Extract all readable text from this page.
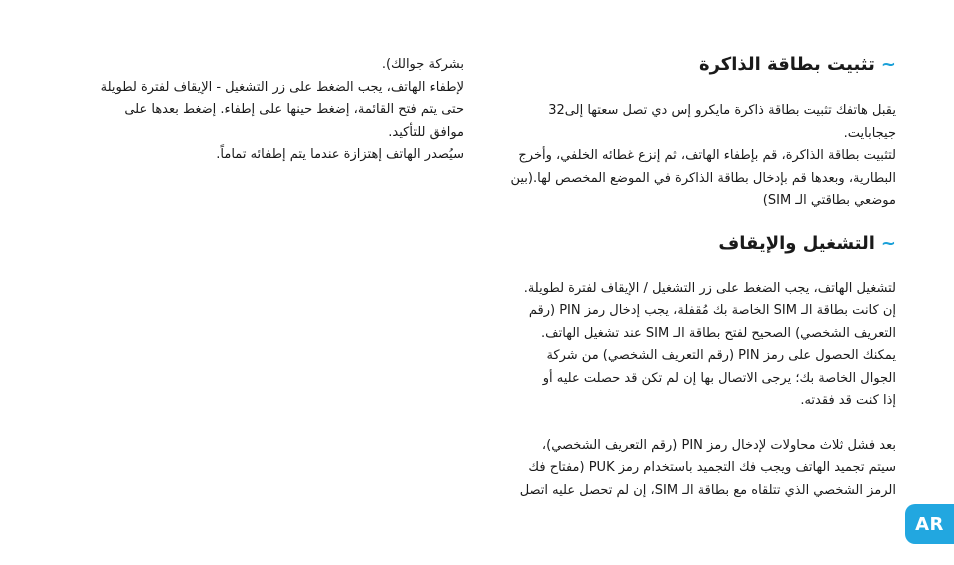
~تثبيت بطاقة الذاكرة

يقبل هاتفك تثبيت بطاقة ذاكرة مايكرو إس دي تصل سعتها إلى32

جيجابايت.

لتثبيت بطاقة الذاكرة، قم بإطفاء الهاتف، ثم إنزع غطائه الخلفي، وأخرج

البطارية، وبعدها قم بإدخال بطاقة الذاكرة في الموضع المخصص لها.(بين

موضعي بطاقتي الـ SIM)

~التشغيل والإيقاف

لتشغيل الهاتف، يجب الضغط على زر التشغيل / الإيقاف لفترة لطويلة.

إن كانت بطاقة الـ SIM الخاصة بك مُقفلة، يجب إدخال رمز PIN (رقم

التعريف الشخصي) الصحيح لفتح بطاقة الـ SIM عند تشغيل الهاتف.

يمكنك الحصول على رمز PIN (رقم التعريف الشخصي) من شركة

الجوال الخاصة بك؛ يرجى الاتصال بها إن لم تكن قد حصلت عليه أو

إذا كنت قد فقدته.

بعد فشل ثلاث محاولات لإدخال رمز PIN (رقم التعريف الشخصي)،

سيتم تجميد الهاتف ويجب فك التجميد باستخدام رمز PUK (مفتاح فك

الرمز الشخصي الذي تتلقاه مع بطاقة الـ SIM، إن لم تحصل عليه اتصل

بشركة جوالك).

لإطفاء الهاتف، يجب الضغط على زر التشغيل - الإيقاف لفترة لطويلة

حتى يتم فتح القائمة، إضغط حينها على إطفاء. إضغط بعدها على

موافق للتأكيد.

سيُصدر الهاتف إهتزازة عندما يتم إطفائه تماماً.

AR
